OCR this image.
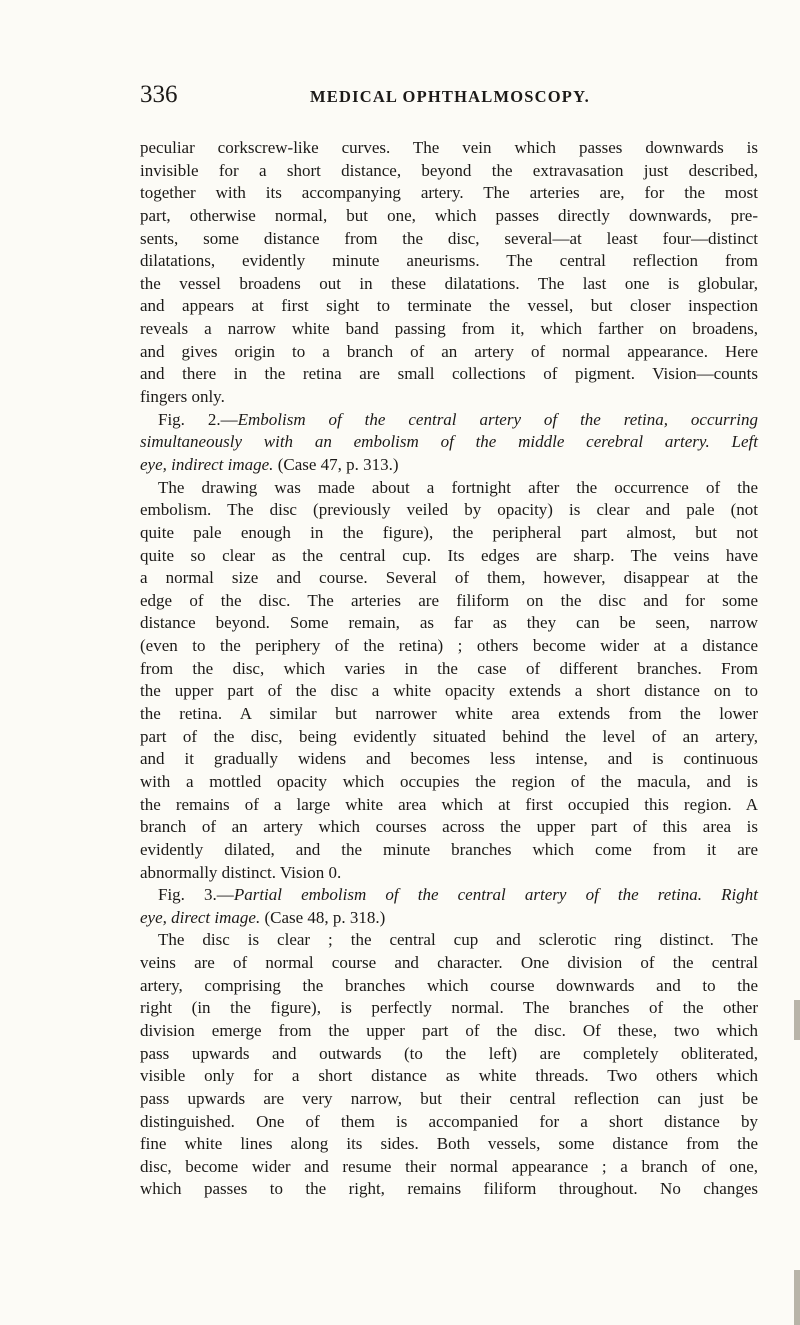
336	MEDICAL OPHTHALMOSCOPY.
peculiar corkscrew-like curves. The vein which passes downwards is
invisible for a short distance, beyond the extravasation just described,
together with its accompanying artery. The arteries are, for the most
part, otherwise normal, but one, which passes directly downwards, pre-
sents, some distance from the disc, several—at least four—distinct
dilatations, evidently minute aneurisms. The central reflection from
the vessel broadens out in these dilatations. The last one is globular,
and appears at first sight to terminate the vessel, but closer inspection
reveals a narrow white band passing from it, which farther on broadens,
and gives origin to a branch of an artery of normal appearance. Here
and there in the retina are small collections of pigment. Vision—counts
fingers only.
Fig. 2.—Embolism of the central artery of the retina, occurring
simultaneously with an embolism of the middle cerebral artery. Left
eye, indirect image. (Case 47, p. 313.)
The drawing was made about a fortnight after the occurrence of the
embolism. The disc (previously veiled by opacity) is clear and pale (not
quite pale enough in the figure), the peripheral part almost, but not
quite so clear as the central cup. Its edges are sharp. The veins have
a normal size and course. Several of them, however, disappear at the
edge of the disc. The arteries are filiform on the disc and for some
distance beyond. Some remain, as far as they can be seen, narrow
(even to the periphery of the retina) ; others become wider at a distance
from the disc, which varies in the case of different branches. From
the upper part of the disc a white opacity extends a short distance on to
the retina. A similar but narrower white area extends from the lower
part of the disc, being evidently situated behind the level of an artery,
and it gradually widens and becomes less intense, and is continuous
with a mottled opacity which occupies the region of the macula, and is
the remains of a large white area which at first occupied this region. A
branch of an artery which courses across the upper part of this area is
evidently dilated, and the minute branches which come from it are
abnormally distinct. Vision 0.
Fig. 3.—Partial embolism of the central artery of the retina. Right
eye, direct image. (Case 48, p. 318.)
The disc is clear ; the central cup and sclerotic ring distinct. The
veins are of normal course and character. One division of the central
artery, comprising the branches which course downwards and to the
right (in the figure), is perfectly normal. The branches of the other
division emerge from the upper part of the disc. Of these, two which
pass upwards and outwards (to the left) are completely obliterated,
visible only for a short distance as white threads. Two others which
pass upwards are very narrow, but their central reflection can just be
distinguished. One of them is accompanied for a short distance by
fine white lines along its sides. Both vessels, some distance from the
disc, become wider and resume their normal appearance ; a branch of one,
which passes to the right, remains filiform throughout. No changes
